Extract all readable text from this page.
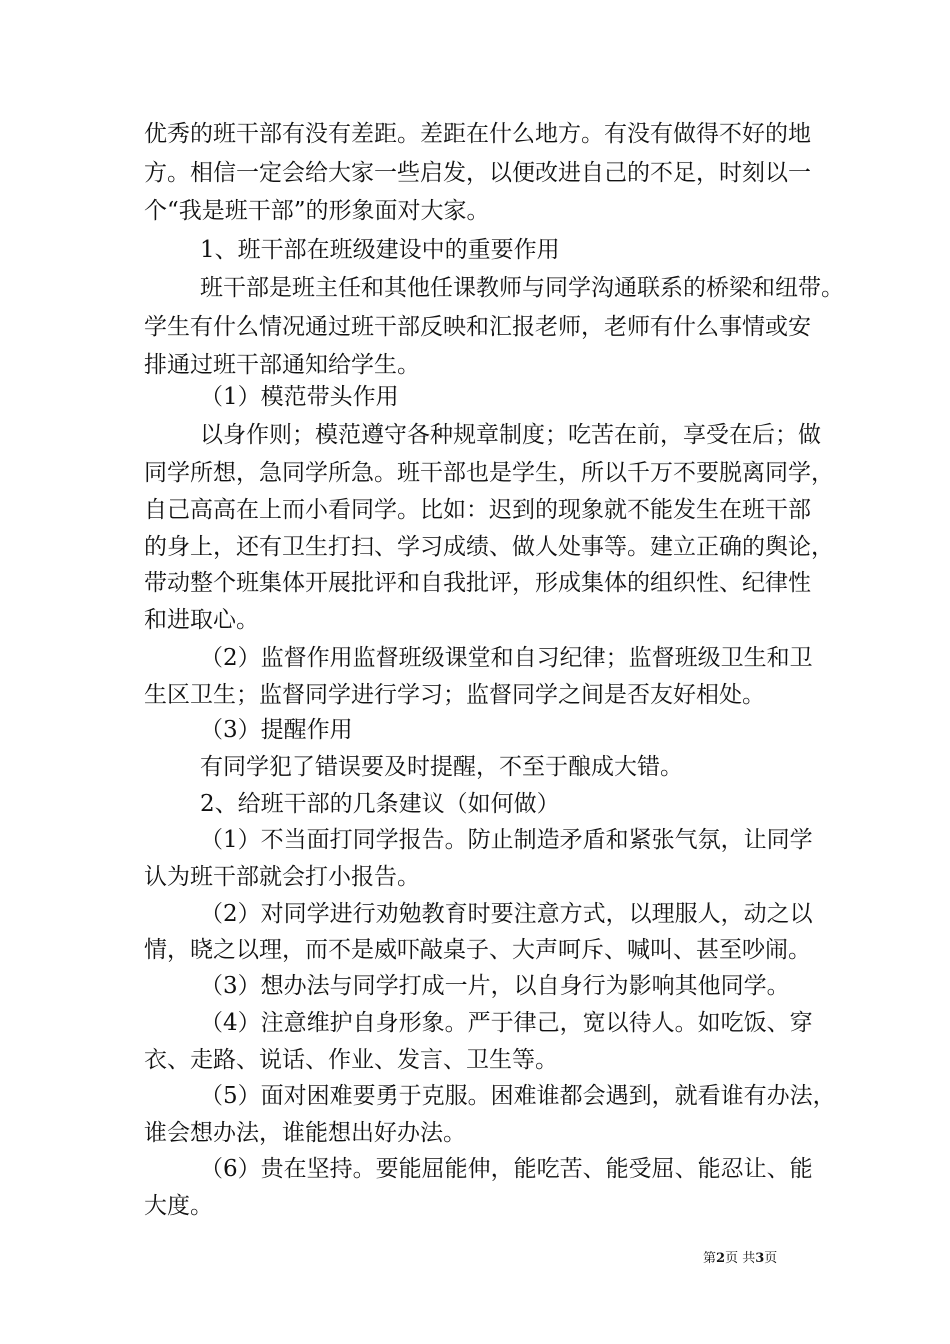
优秀的班干部有没有差距。差距在什么地方。有没有做得不好的地
方。相信一定会给大家一些启发，以便改进自己的不足，时刻以一
个“我是班干部”的形象面对大家。
1、班干部在班级建设中的重要作用
班干部是班主任和其他任课教师与同学沟通联系的桥梁和纽带。
学生有什么情况通过班干部反映和汇报老师，老师有什么事情或安
排通过班干部通知给学生。
（1）模范带头作用
以身作则；模范遵守各种规章制度；吃苦在前，享受在后；做
同学所想，急同学所急。班干部也是学生，所以千万不要脱离同学，
自己高高在上而小看同学。比如：迟到的现象就不能发生在班干部
的身上，还有卫生打扫、学习成绩、做人处事等。建立正确的舆论，
带动整个班集体开展批评和自我批评，形成集体的组织性、纪律性
和进取心。
（2）监督作用监督班级课堂和自习纪律；监督班级卫生和卫
生区卫生；监督同学进行学习；监督同学之间是否友好相处。
（3）提醒作用
有同学犯了错误要及时提醒，不至于酿成大错。
2、给班干部的几条建议（如何做）
（1）不当面打同学报告。防止制造矛盾和紧张气氛，让同学
认为班干部就会打小报告。
（2）对同学进行劝勉教育时要注意方式，以理服人，动之以
情，晓之以理，而不是威吓敲桌子、大声呵斥、喊叫、甚至吵闹。
（3）想办法与同学打成一片，以自身行为影响其他同学。
（4）注意维护自身形象。严于律己，宽以待人。如吃饭、穿
衣、走路、说话、作业、发言、卫生等。
（5）面对困难要勇于克服。困难谁都会遇到，就看谁有办法，
谁会想办法，谁能想出好办法。
（6）贵在坚持。要能屈能伸，能吃苦、能受屈、能忍让、能
大度。
第2页 共3页
